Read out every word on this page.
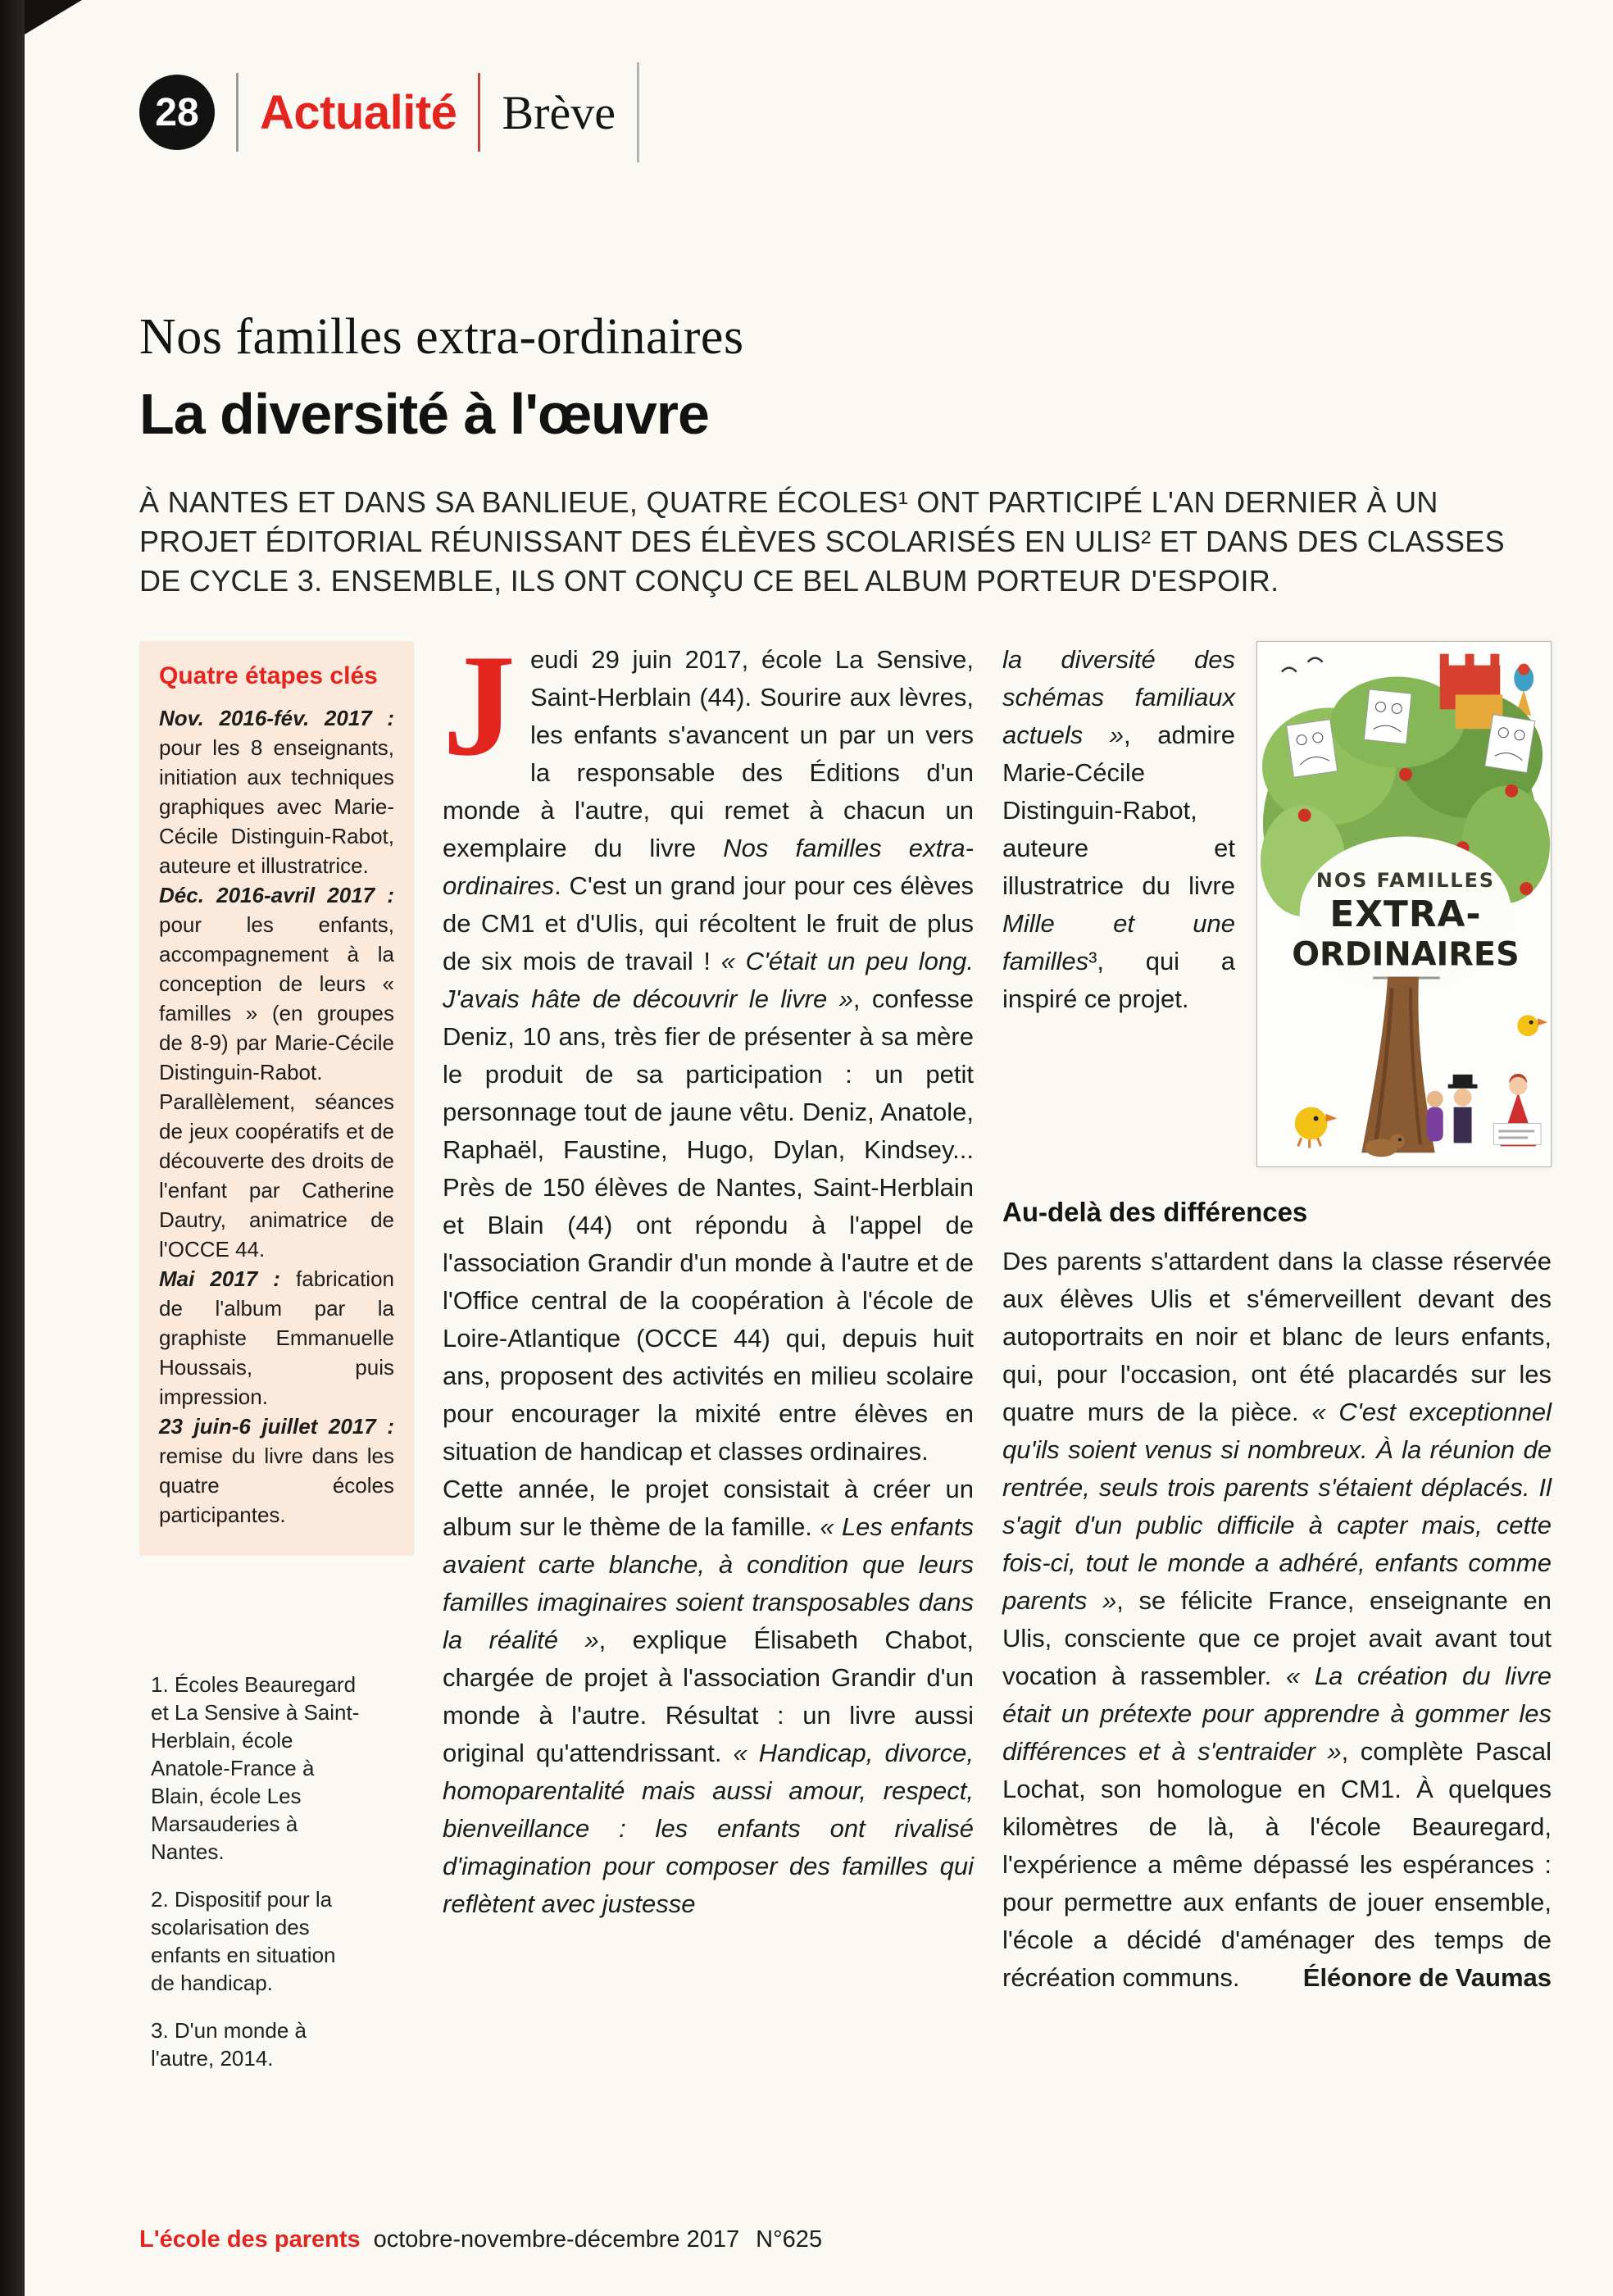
28	Actualité Brève
Nos familles extra-ordinaires
La diversité à l'œuvre

À NANTES ET DANS SA BANLIEUE, QUATRE ÉCOLES¹ ONT PARTICIPÉ L'AN DERNIER À UN PROJET ÉDITORIAL RÉUNISSANT DES ÉLÈVES SCOLARISÉS EN ULIS² ET DANS DES CLASSES DE CYCLE 3. ENSEMBLE, ILS ONT CONÇU CE BEL ALBUM PORTEUR D'ESPOIR.

Quatre étapes clés

Nov. 2016-fév. 2017 : pour les 8 enseignants, initiation aux techniques graphiques avec Marie-Cécile Distinguin-Rabot, auteure et illustratrice.

Déc. 2016-avril 2017 : pour les enfants, accompagnement à la conception de leurs « familles » (en groupes de 8-9) par Marie-Cécile Distinguin-Rabot. Parallèlement, séances de jeux coopératifs et de découverte des droits de l'enfant par Catherine Dautry, animatrice de l'OCCE 44.

Mai 2017 : fabrication de l'album par la graphiste Emmanuelle Houssais, puis impression.

23 juin-6 juillet 2017 : remise du livre dans les quatre écoles participantes.

1. Écoles Beauregard et La Sensive à Saint-Herblain, école Anatole-France à Blain, école Les Marsauderies à Nantes.

2. Dispositif pour la scolarisation des enfants en situation de handicap.

3. D'un monde à l'autre, 2014.

Jeudi 29 juin 2017, école La Sensive, Saint-Herblain (44). Sourire aux lèvres, les enfants s'avancent un par un vers la responsable des Éditions d'un monde à l'autre, qui remet à chacun un exemplaire du livre Nos familles extra-ordinaires. C'est un grand jour pour ces élèves de CM1 et d'Ulis, qui récoltent le fruit de plus de six mois de travail ! « C'était un peu long. J'avais hâte de découvrir le livre », confesse Deniz, 10 ans, très fier de présenter à sa mère le produit de sa participation : un petit personnage tout de jaune vêtu. Deniz, Anatole, Raphaël, Faustine, Hugo, Dylan, Kindsey... Près de 150 élèves de Nantes, Saint-Herblain et Blain (44) ont répondu à l'appel de l'association Grandir d'un monde à l'autre et de l'Office central de la coopération à l'école de Loire-Atlantique (OCCE 44) qui, depuis huit ans, proposent des activités en milieu scolaire pour encourager la mixité entre élèves en situation de handicap et classes ordinaires.

Cette année, le projet consistait à créer un album sur le thème de la famille. « Les enfants avaient carte blanche, à condition que leurs familles imaginaires soient transposables dans la réalité », explique Élisabeth Chabot, chargée de projet à l'association Grandir d'un monde à l'autre. Résultat : un livre aussi original qu'attendrissant. « Handicap, divorce, homoparentalité mais aussi amour, respect, bienveillance : les enfants ont rivalisé d'imagination pour composer des familles qui reflètent avec justesse

la diversité des schémas familiaux actuels », admire Marie-Cécile Distinguin-Rabot, auteure et illustratrice du livre Mille et une familles³, qui a inspiré ce projet.

NOS FAMILLES
EXTRA-
ORDINAIRES
Au-delà des différences

Des parents s'attardent dans la classe réservée aux élèves Ulis et s'émerveillent devant des autoportraits en noir et blanc de leurs enfants, qui, pour l'occasion, ont été placardés sur les quatre murs de la pièce. « C'est exceptionnel qu'ils soient venus si nombreux. À la réunion de rentrée, seuls trois parents s'étaient déplacés. Il s'agit d'un public difficile à capter mais, cette fois-ci, tout le monde a adhéré, enfants comme parents », se félicite France, enseignante en Ulis, consciente que ce projet avait avant tout vocation à rassembler. « La création du livre était un prétexte pour apprendre à gommer les différences et à s'entraider », complète Pascal Lochat, son homologue en CM1. À quelques kilomètres de là, à l'école Beauregard, l'expérience a même dépassé les espérances : pour permettre aux enfants de jouer ensemble, l'école a décidé d'aménager des temps de récréation communs. Éléonore de Vaumas

L'école des parents octobre-novembre-décembre 2017 N°625
